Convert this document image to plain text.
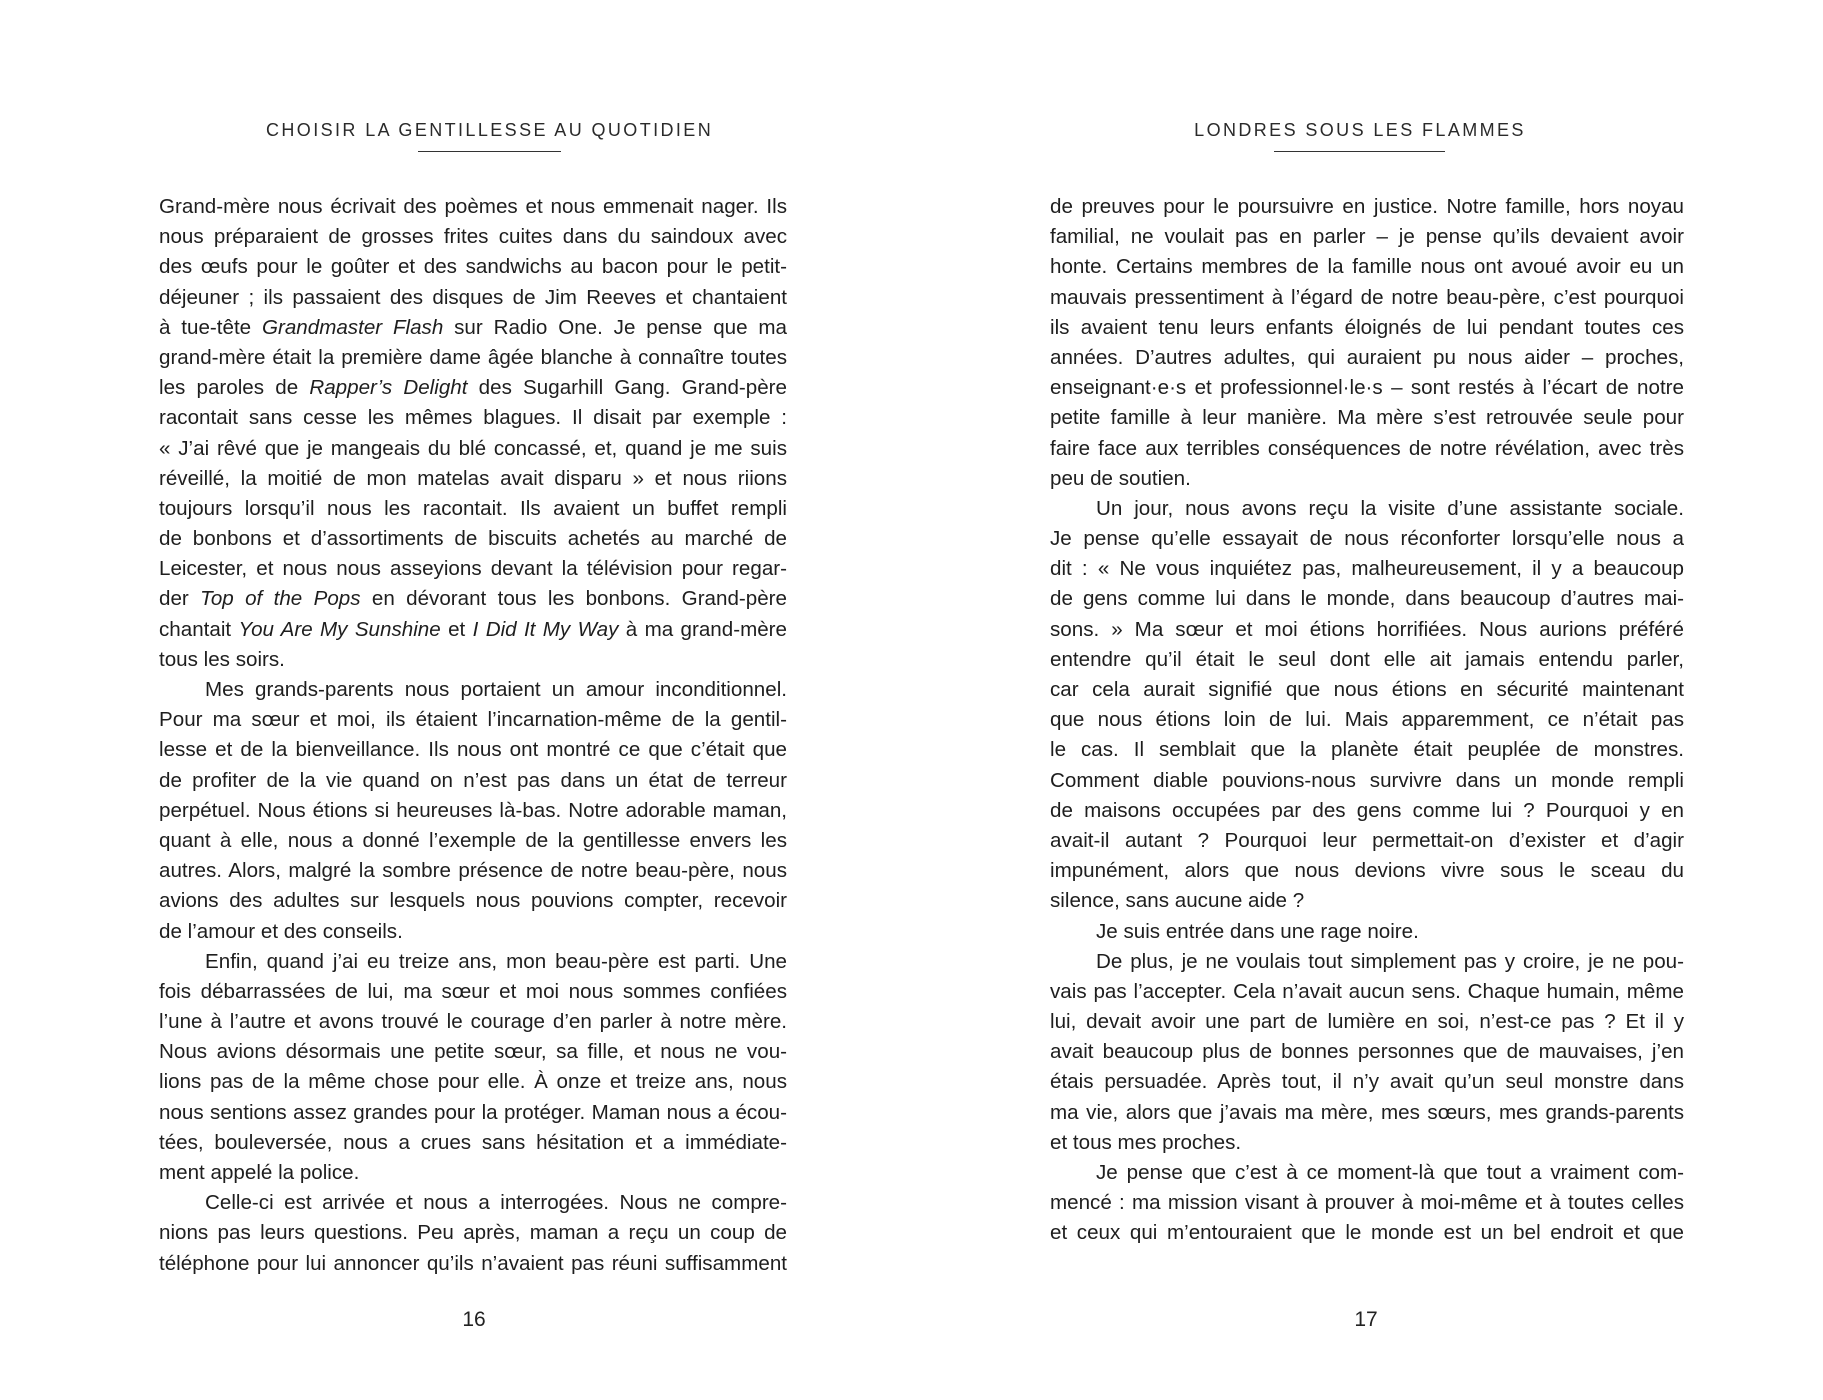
CHOISIR LA GENTILLESSE AU QUOTIDIEN
Grand-mère nous écrivait des poèmes et nous emmenait nager. Ils
nous préparaient de grosses frites cuites dans du saindoux avec
des œufs pour le goûter et des sandwichs au bacon pour le petit-
déjeuner ; ils passaient des disques de Jim Reeves et chantaient
à tue-tête Grandmaster Flash sur Radio One. Je pense que ma
grand-mère était la première dame âgée blanche à connaître toutes
les paroles de Rapper’s Delight des Sugarhill Gang. Grand-père
racontait sans cesse les mêmes blagues. Il disait par exemple :
« J’ai rêvé que je mangeais du blé concassé, et, quand je me suis
réveillé, la moitié de mon matelas avait disparu » et nous riions
toujours lorsqu’il nous les racontait. Ils avaient un buffet rempli
de bonbons et d’assortiments de biscuits achetés au marché de
Leicester, et nous nous asseyions devant la télévision pour regar-
der Top of the Pops en dévorant tous les bonbons. Grand-père
chantait You Are My Sunshine et I Did It My Way à ma grand-mère
tous les soirs.
Mes grands-parents nous portaient un amour inconditionnel.
Pour ma sœur et moi, ils étaient l’incarnation-même de la gentil-
lesse et de la bienveillance. Ils nous ont montré ce que c’était que
de profiter de la vie quand on n’est pas dans un état de terreur
perpétuel. Nous étions si heureuses là-bas. Notre adorable maman,
quant à elle, nous a donné l’exemple de la gentillesse envers les
autres. Alors, malgré la sombre présence de notre beau-père, nous
avions des adultes sur lesquels nous pouvions compter, recevoir
de l’amour et des conseils.
Enfin, quand j’ai eu treize ans, mon beau-père est parti. Une
fois débarrassées de lui, ma sœur et moi nous sommes confiées
l’une à l’autre et avons trouvé le courage d’en parler à notre mère.
Nous avions désormais une petite sœur, sa fille, et nous ne vou-
lions pas de la même chose pour elle. À onze et treize ans, nous
nous sentions assez grandes pour la protéger. Maman nous a écou-
tées, bouleversée, nous a crues sans hésitation et a immédiate-
ment appelé la police.
Celle-ci est arrivée et nous a interrogées. Nous ne compre-
nions pas leurs questions. Peu après, maman a reçu un coup de
téléphone pour lui annoncer qu’ils n’avaient pas réuni suffisamment
16
LONDRES SOUS LES FLAMMES
de preuves pour le poursuivre en justice. Notre famille, hors noyau
familial, ne voulait pas en parler – je pense qu’ils devaient avoir
honte. Certains membres de la famille nous ont avoué avoir eu un
mauvais pressentiment à l’égard de notre beau-père, c’est pourquoi
ils avaient tenu leurs enfants éloignés de lui pendant toutes ces
années. D’autres adultes, qui auraient pu nous aider – proches,
enseignant·e·s et professionnel·le·s – sont restés à l’écart de notre
petite famille à leur manière. Ma mère s’est retrouvée seule pour
faire face aux terribles conséquences de notre révélation, avec très
peu de soutien.
Un jour, nous avons reçu la visite d’une assistante sociale.
Je pense qu’elle essayait de nous réconforter lorsqu’elle nous a
dit : « Ne vous inquiétez pas, malheureusement, il y a beaucoup
de gens comme lui dans le monde, dans beaucoup d’autres mai-
sons. » Ma sœur et moi étions horrifiées. Nous aurions préféré
entendre qu’il était le seul dont elle ait jamais entendu parler,
car cela aurait signifié que nous étions en sécurité maintenant
que nous étions loin de lui. Mais apparemment, ce n’était pas
le cas. Il semblait que la planète était peuplée de monstres.
Comment diable pouvions-nous survivre dans un monde rempli
de maisons occupées par des gens comme lui ? Pourquoi y en
avait-il autant ? Pourquoi leur permettait-on d’exister et d’agir
impunément, alors que nous devions vivre sous le sceau du
silence, sans aucune aide ?
Je suis entrée dans une rage noire.
De plus, je ne voulais tout simplement pas y croire, je ne pou-
vais pas l’accepter. Cela n’avait aucun sens. Chaque humain, même
lui, devait avoir une part de lumière en soi, n’est-ce pas ? Et il y
avait beaucoup plus de bonnes personnes que de mauvaises, j’en
étais persuadée. Après tout, il n’y avait qu’un seul monstre dans
ma vie, alors que j’avais ma mère, mes sœurs, mes grands-parents
et tous mes proches.
Je pense que c’est à ce moment-là que tout a vraiment com-
mencé : ma mission visant à prouver à moi-même et à toutes celles
et ceux qui m’entouraient que le monde est un bel endroit et que
17
